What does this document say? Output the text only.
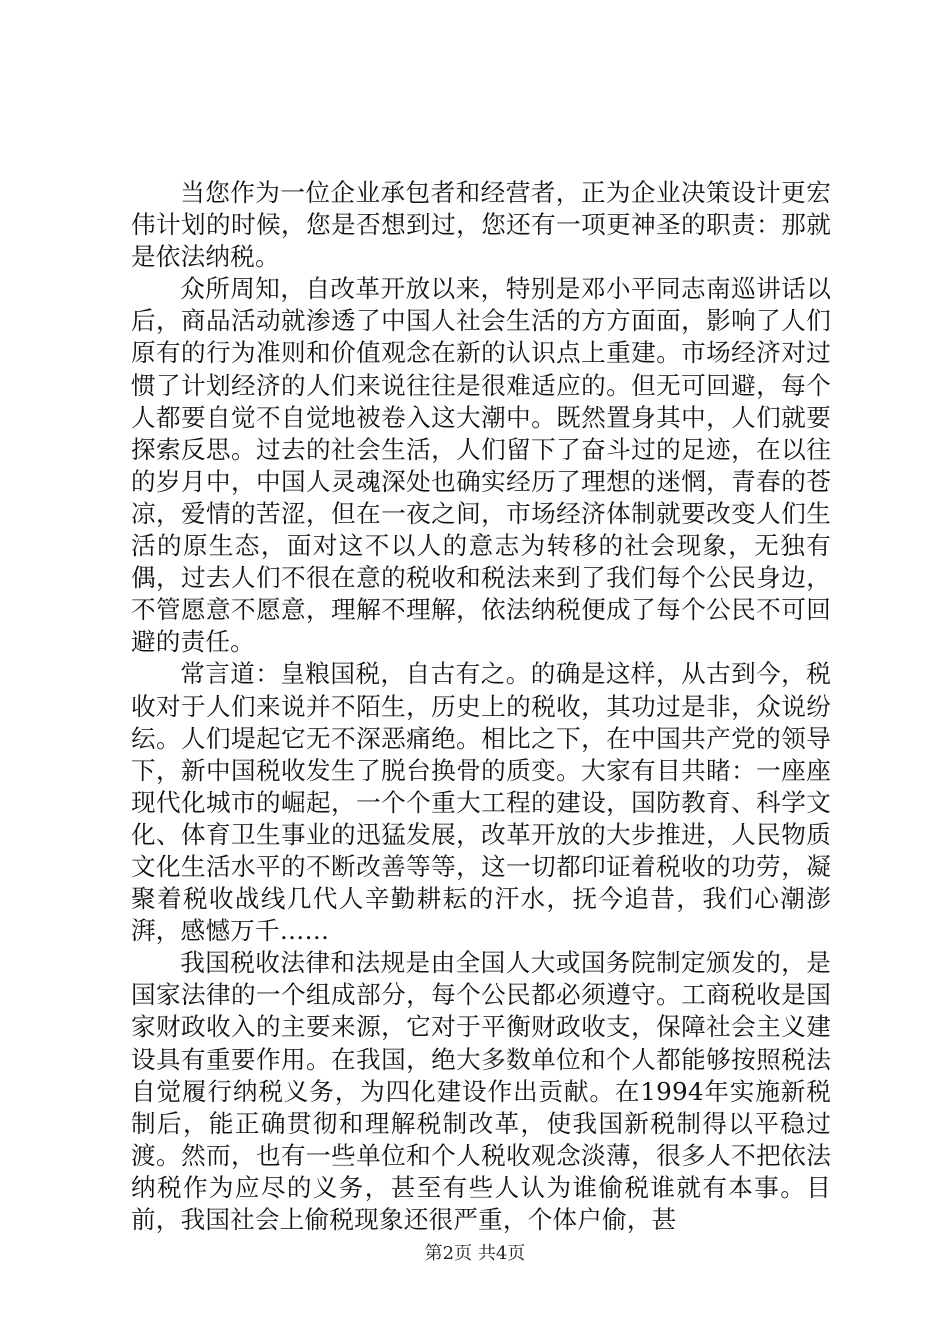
当您作为一位企业承包者和经营者，正为企业决策设计更宏伟计划的时候，您是否想到过，您还有一项更神圣的职责：那就是依法纳税。

众所周知，自改革开放以来，特别是邓小平同志南巡讲话以后，商品活动就渗透了中国人社会生活的方方面面，影响了人们原有的行为准则和价值观念在新的认识点上重建。市场经济对过惯了计划经济的人们来说往往是很难适应的。但无可回避，每个人都要自觉不自觉地被卷入这大潮中。既然置身其中，人们就要探索反思。过去的社会生活，人们留下了奋斗过的足迹，在以往的岁月中，中国人灵魂深处也确实经历了理想的迷惘，青春的苍凉，爱情的苦涩，但在一夜之间，市场经济体制就要改变人们生活的原生态，面对这不以人的意志为转移的社会现象，无独有偶，过去人们不很在意的税收和税法来到了我们每个公民身边，不管愿意不愿意，理解不理解，依法纳税便成了每个公民不可回避的责任。

常言道：皇粮国税，自古有之。的确是这样，从古到今，税收对于人们来说并不陌生，历史上的税收，其功过是非，众说纷纭。人们堤起它无不深恶痛绝。相比之下，在中国共产党的领导下，新中国税收发生了脱台换骨的质变。大家有目共睹：一座座现代化城市的崛起，一个个重大工程的建设，国防教育、科学文化、体育卫生事业的迅猛发展，改革开放的大步推进，人民物质文化生活水平的不断改善等等，这一切都印证着税收的功劳，凝聚着税收战线几代人辛勤耕耘的汗水，抚今追昔，我们心潮澎湃，感憾万千……

我国税收法律和法规是由全国人大或国务院制定颁发的，是国家法律的一个组成部分，每个公民都必须遵守。工商税收是国家财政收入的主要来源，它对于平衡财政收支，保障社会主义建设具有重要作用。在我国，绝大多数单位和个人都能够按照税法自觉履行纳税义务，为四化建设作出贡献。在1994年实施新税制后，能正确贯彻和理解税制改革，使我国新税制得以平稳过渡。然而，也有一些单位和个人税收观念淡薄，很多人不把依法纳税作为应尽的义务，甚至有些人认为谁偷税谁就有本事。目前，我国社会上偷税现象还很严重，个体户偷，甚

第2页 共4页
